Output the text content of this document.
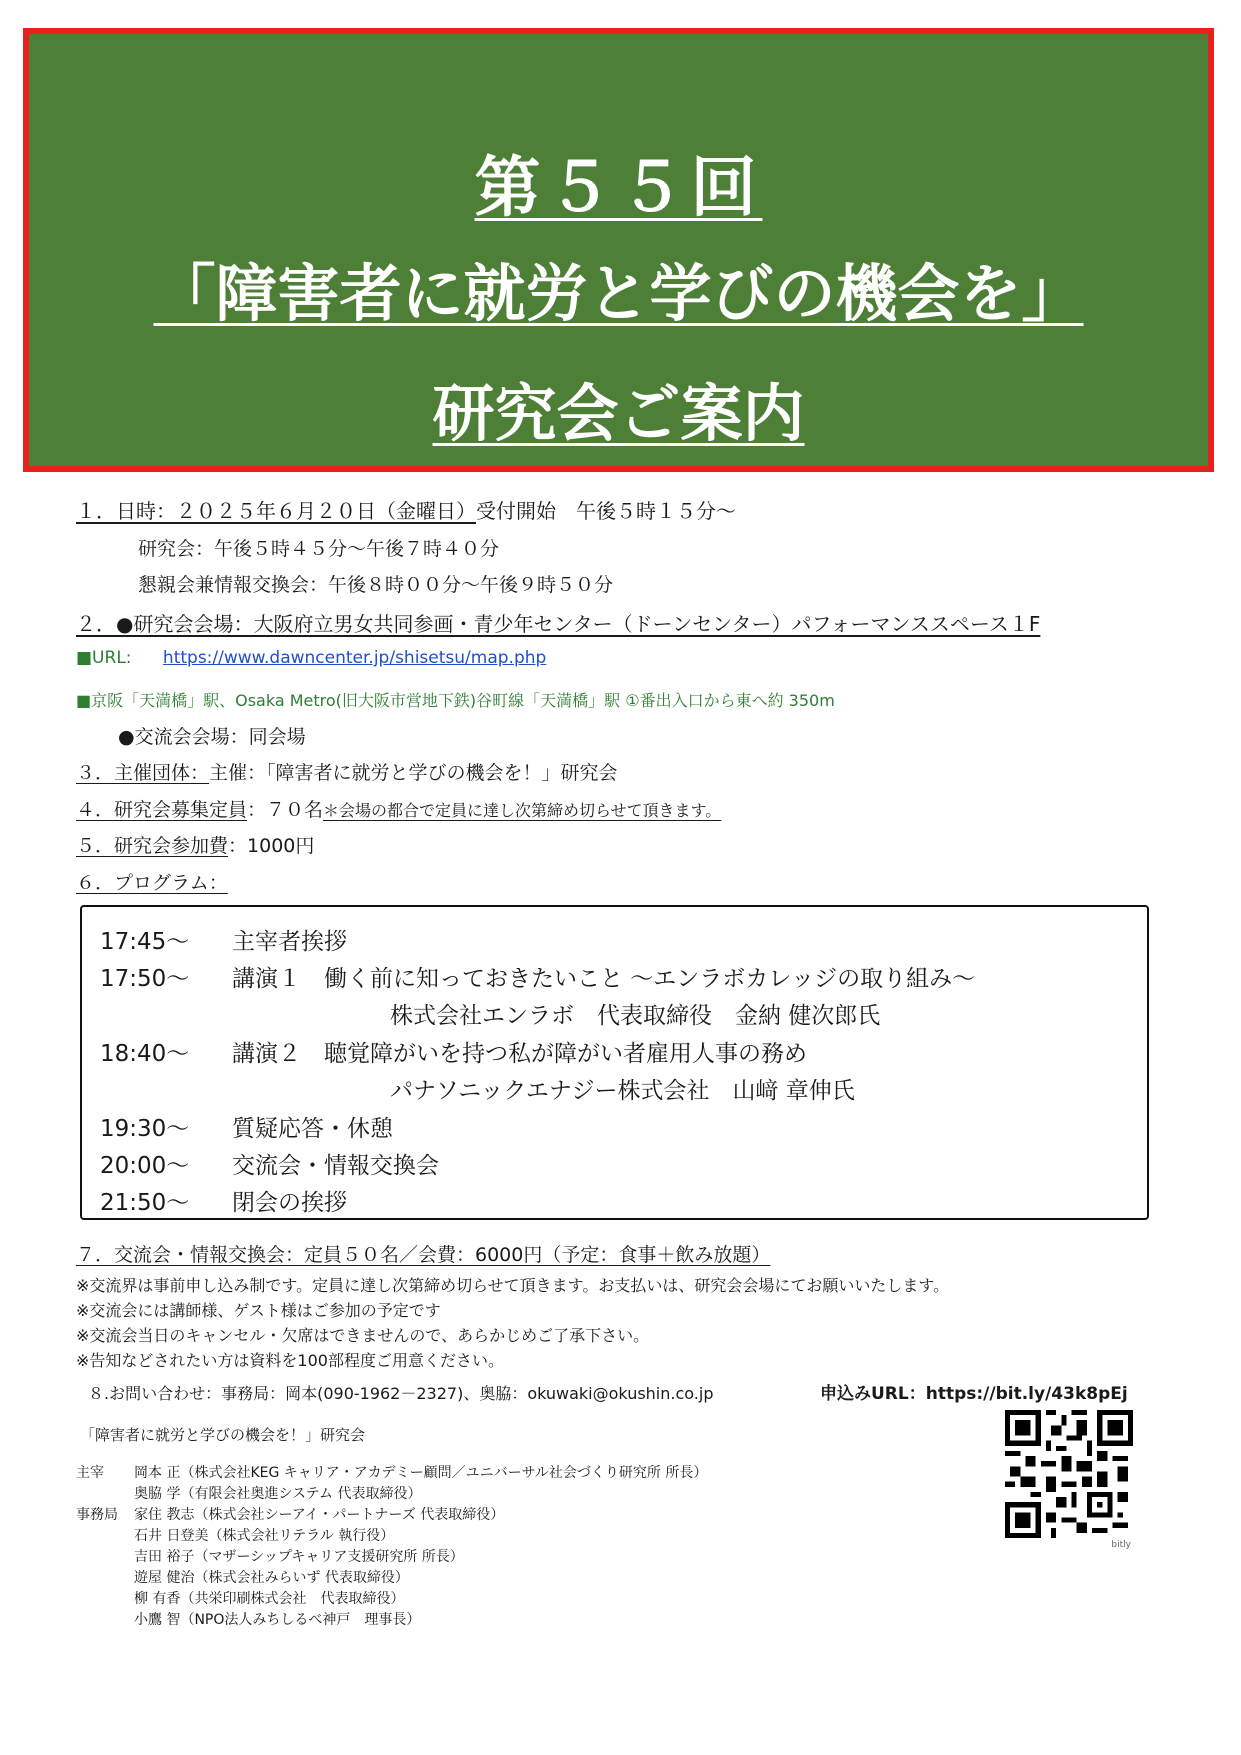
第５５回
「障害者に就労と学びの機会を」
研究会ご案内
１．日時：２０２５年６月２０日（金曜日）受付開始　午後５時１５分～
研究会：午後５時４５分～午後７時４０分
懇親会兼情報交換会：午後８時００分～午後９時５０分
２．●研究会会場：大阪府立男女共同参画・青少年センター（ドーンセンター）パフォーマンススペース１F
■URL: https://www.dawncenter.jp/shisetsu/map.php
■京阪「天満橋」駅、Osaka Metro(旧大阪市営地下鉄)谷町線「天満橋」駅 ①番出入口から東へ約 350m
●交流会会場：同会場
３．主催団体：主催：「障害者に就労と学びの機会を！」研究会
４．研究会募集定員：７０名＊会場の都合で定員に達し次第締め切らせて頂きます。
５．研究会参加費：1000円
６．プログラム：
17:45～ 主宰者挨拶
17:50～ 講演１　働く前に知っておきたいこと ～エンラボカレッジの取り組み～
株式会社エンラボ　代表取締役　金納 健次郎氏
18:40～ 講演２　聴覚障がいを持つ私が障がい者雇用人事の務め
パナソニックエナジー株式会社　山﨑 章伸氏
19:30～ 質疑応答・休憩
20:00～ 交流会・情報交換会
21:50～ 閉会の挨拶
７．交流会・情報交換会：定員５０名／会費：6000円（予定：食事＋飲み放題）
※交流界は事前申し込み制です。定員に達し次第締め切らせて頂きます。お支払いは、研究会会場にてお願いいたします。
※交流会には講師様、ゲスト様はご参加の予定です
※交流会当日のキャンセル・欠席はできませんので、あらかじめご了承下さい。
※告知などされたい方は資料を100部程度ご用意ください。
８.お問い合わせ：事務局：岡本(090-1962－2327)、奥脇：okuwaki@okushin.co.jp	申込みURL：https://bit.ly/43k8pEj
「障害者に就労と学びの機会を！」研究会
主宰 岡本 正（株式会社KEG キャリア・アカデミー顧問／ユニバーサル社会づくり研究所 所長）
奥脇 学（有限会社奥進システム 代表取締役）
事務局 家住 教志（株式会社シーアイ・パートナーズ 代表取締役）
石井 日登美（株式会社リテラル 執行役）
吉田 裕子（マザーシップキャリア支援研究所 所長）
遊屋 健治（株式会社みらいず 代表取締役）
柳 有香（共栄印刷株式会社　代表取締役）
小鷹 智（NPO法人みちしるべ神戸　理事長）
bitly
